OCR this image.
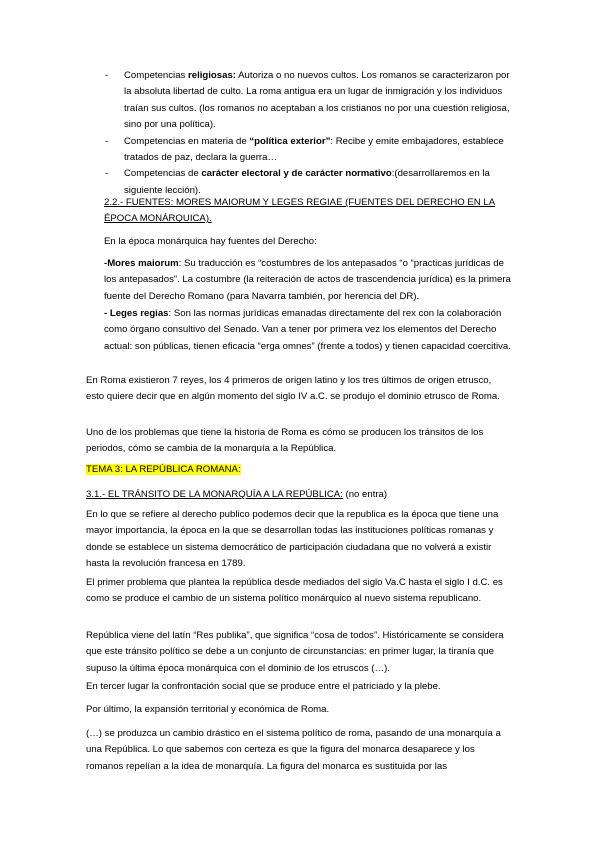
- Competencias religiosas: Autoriza o no nuevos cultos. Los romanos se caracterizaron por la absoluta libertad de culto. La roma antigua era un lugar de inmigración y los individuos traían sus cultos. (los romanos no aceptaban a los cristianos no por una cuestión religiosa, sino por una política).
- Competencias en materia de “política exterior”: Recibe y emite embajadores, establece tratados de paz, declara la guerra…
- Competencias de carácter electoral y de carácter normativo:(desarrollaremos en la siguiente lección).

2.2.- FUENTES: MORES MAIORUM Y LEGES REGIAE (FUENTES DEL DERECHO EN LA ÉPOCA MONÁRQUICA).

En la época monárquica hay fuentes del Derecho:

-Mores maiorum: Su traducción es “costumbres de los antepasados “o “practicas jurídicas de los antepasados”. La costumbre (la reiteración de actos de trascendencia jurídica) es la primera fuente del Derecho Romano (para Navarra también, por herencia del DR).

- Leges regias: Son las normas jurídicas emanadas directamente del rex con la colaboración como órgano consultivo del Senado. Van a tener por primera vez los elementos del Derecho actual: son públicas, tienen eficacia “erga omnes” (frente a todos) y tienen capacidad coercitiva.

En Roma existieron 7 reyes, los 4 primeros de origen latino y los tres últimos de origen etrusco, esto quiere decir que en algún momento del siglo IV a.C. se produjo el dominio etrusco de Roma.

Uno de los problemas que tiene la historia de Roma es cómo se producen los tránsitos de los periodos, cómo se cambia de la monarquía a la República.

TEMA 3: LA REPÚBLICA ROMANA:

3.1.- EL TRÁNSITO DE LA MONARQUÍA A LA REPÚBLICA: (no entra)

En lo que se refiere al derecho publico podemos decir que la republica es la época que tiene una mayor importancia, la época en la que se desarrollan todas las instituciones políticas romanas y donde se establece un sistema democrático de participación ciudadana que no volverá a existir hasta la revolución francesa en 1789.

El primer problema que plantea la república desde mediados del siglo Va.C hasta el siglo I d.C. es como se produce el cambio de un sistema político monárquico al nuevo sistema republicano.

República viene del latín “Res publika”, que significa “cosa de todos”. Históricamente se considera que este tránsito político se debe a un conjunto de circunstancias: en primer lugar, la tiranía que supuso la última época monárquica con el dominio de los etruscos (…).

En tercer lugar la confrontación social que se produce entre el patriciado y la plebe.

Por último, la expansión territorial y económica de Roma.

(…) se produzca un cambio drástico en el sistema político de roma, pasando de una monarquía a una República. Lo que sabemos con certeza es que la figura del monarca desaparece y los romanos repelían a la idea de monarquía. La figura del monarca es sustituida por las
